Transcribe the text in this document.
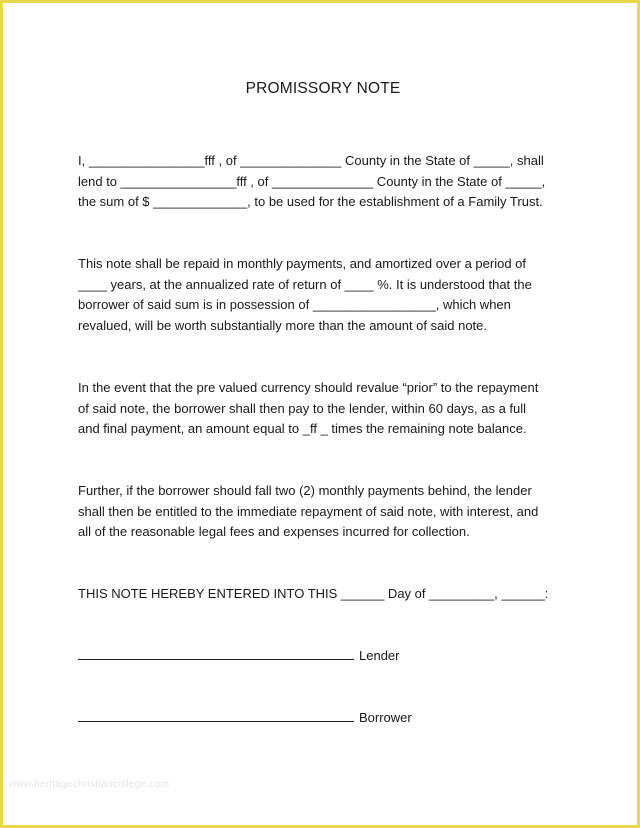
PROMISSORY NOTE
I, ________________fff , of ______________ County in the State of _____, shall
lend to ________________fff , of ______________ County in the State of _____,
the sum of $ _____________, to be used for the establishment of a Family Trust.
This note shall be repaid in monthly payments, and amortized over a period of
____ years, at the annualized rate of return of ____ %. It is understood that the
borrower of said sum is in possession of _________________, which when
revalued, will be worth substantially more than the amount of said note.
In the event that the pre valued currency should revalue “prior” to the repayment
of said note, the borrower shall then pay to the lender, within 60 days, as a full
and final payment, an amount equal to _ff _ times the remaining note balance.
Further, if the borrower should fall two (2) monthly payments behind, the lender
shall then be entitled to the immediate repayment of said note, with interest, and
all of the reasonable legal fees and expenses incurred for collection.
THIS NOTE HEREBY ENTERED INTO THIS ______ Day of _________, ______:
Lender
Borrower
www.heritagechristiancollege.com
